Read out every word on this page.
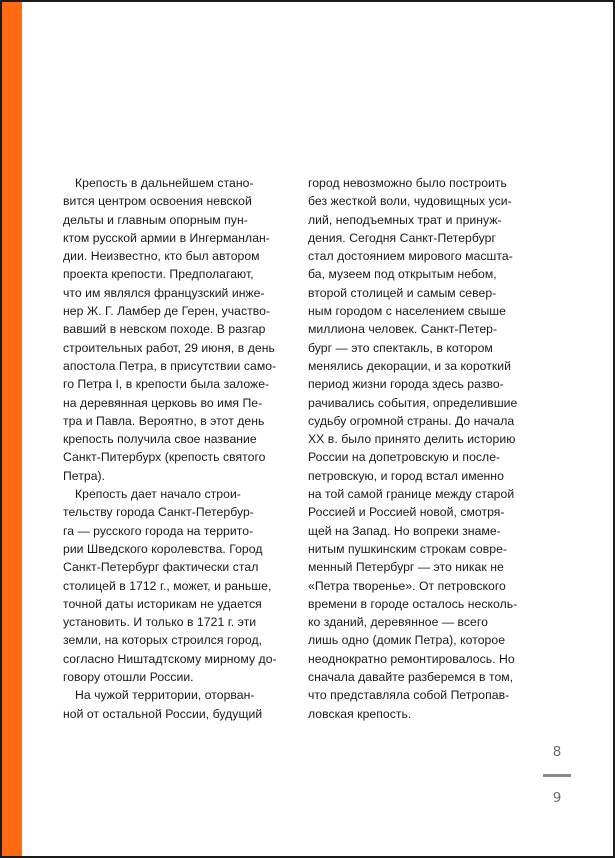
Крепость в дальнейшем стано-
вится центром освоения невской
дельты и главным опорным пун-
ктом русской армии в Ингерманлан-
дии. Неизвестно, кто был автором
проекта крепости. Предполагают,
что им являлся французский инже-
нер Ж. Г. Ламбер де Герен, участво-
вавший в невском походе. В разгар
строительных работ, 29 июня, в день
апостола Петра, в присутствии само-
го Петра I, в крепости была заложе-
на деревянная церковь во имя Пе-
тра и Павла. Вероятно, в этот день
крепость получила свое название
Санкт-Питербурх (крепость святого
Петра).
Крепость дает начало строи-
тельству города Санкт-Петербур-
га — русского города на террито-
рии Шведского королевства. Город
Санкт-Петербург фактически стал
столицей в 1712 г., может, и раньше,
точной даты историкам не удается
установить. И только в 1721 г. эти
земли, на которых строился город,
согласно Ништадтскому мирному до-
говору отошли России.
На чужой территории, оторван-
ной от остальной России, будущий
город невозможно было построить
без жесткой воли, чудовищных уси-
лий, неподъемных трат и принуж-
дения. Сегодня Санкт-Петербург
стал достоянием мирового масшта-
ба, музеем под открытым небом,
второй столицей и самым север-
ным городом с населением свыше
миллиона человек. Санкт-Петер-
бург — это спектакль, в котором
менялись декорации, и за короткий
период жизни города здесь разво-
рачивались события, определившие
судьбу огромной страны. До начала
XX в. было принято делить историю
России на допетровскую и после-
петровскую, и город встал именно
на той самой границе между старой
Россией и Россией новой, смотря-
щей на Запад. Но вопреки знаме-
нитым пушкинским строкам совре-
менный Петербург — это никак не
«Петра творенье». От петровского
времени в городе осталось несколь-
ко зданий, деревянное — всего
лишь одно (домик Петра), которое
неоднократно ремонтировалось. Но
сначала давайте разберемся в том,
что представляла собой Петропав-
ловская крепость.
8
9
